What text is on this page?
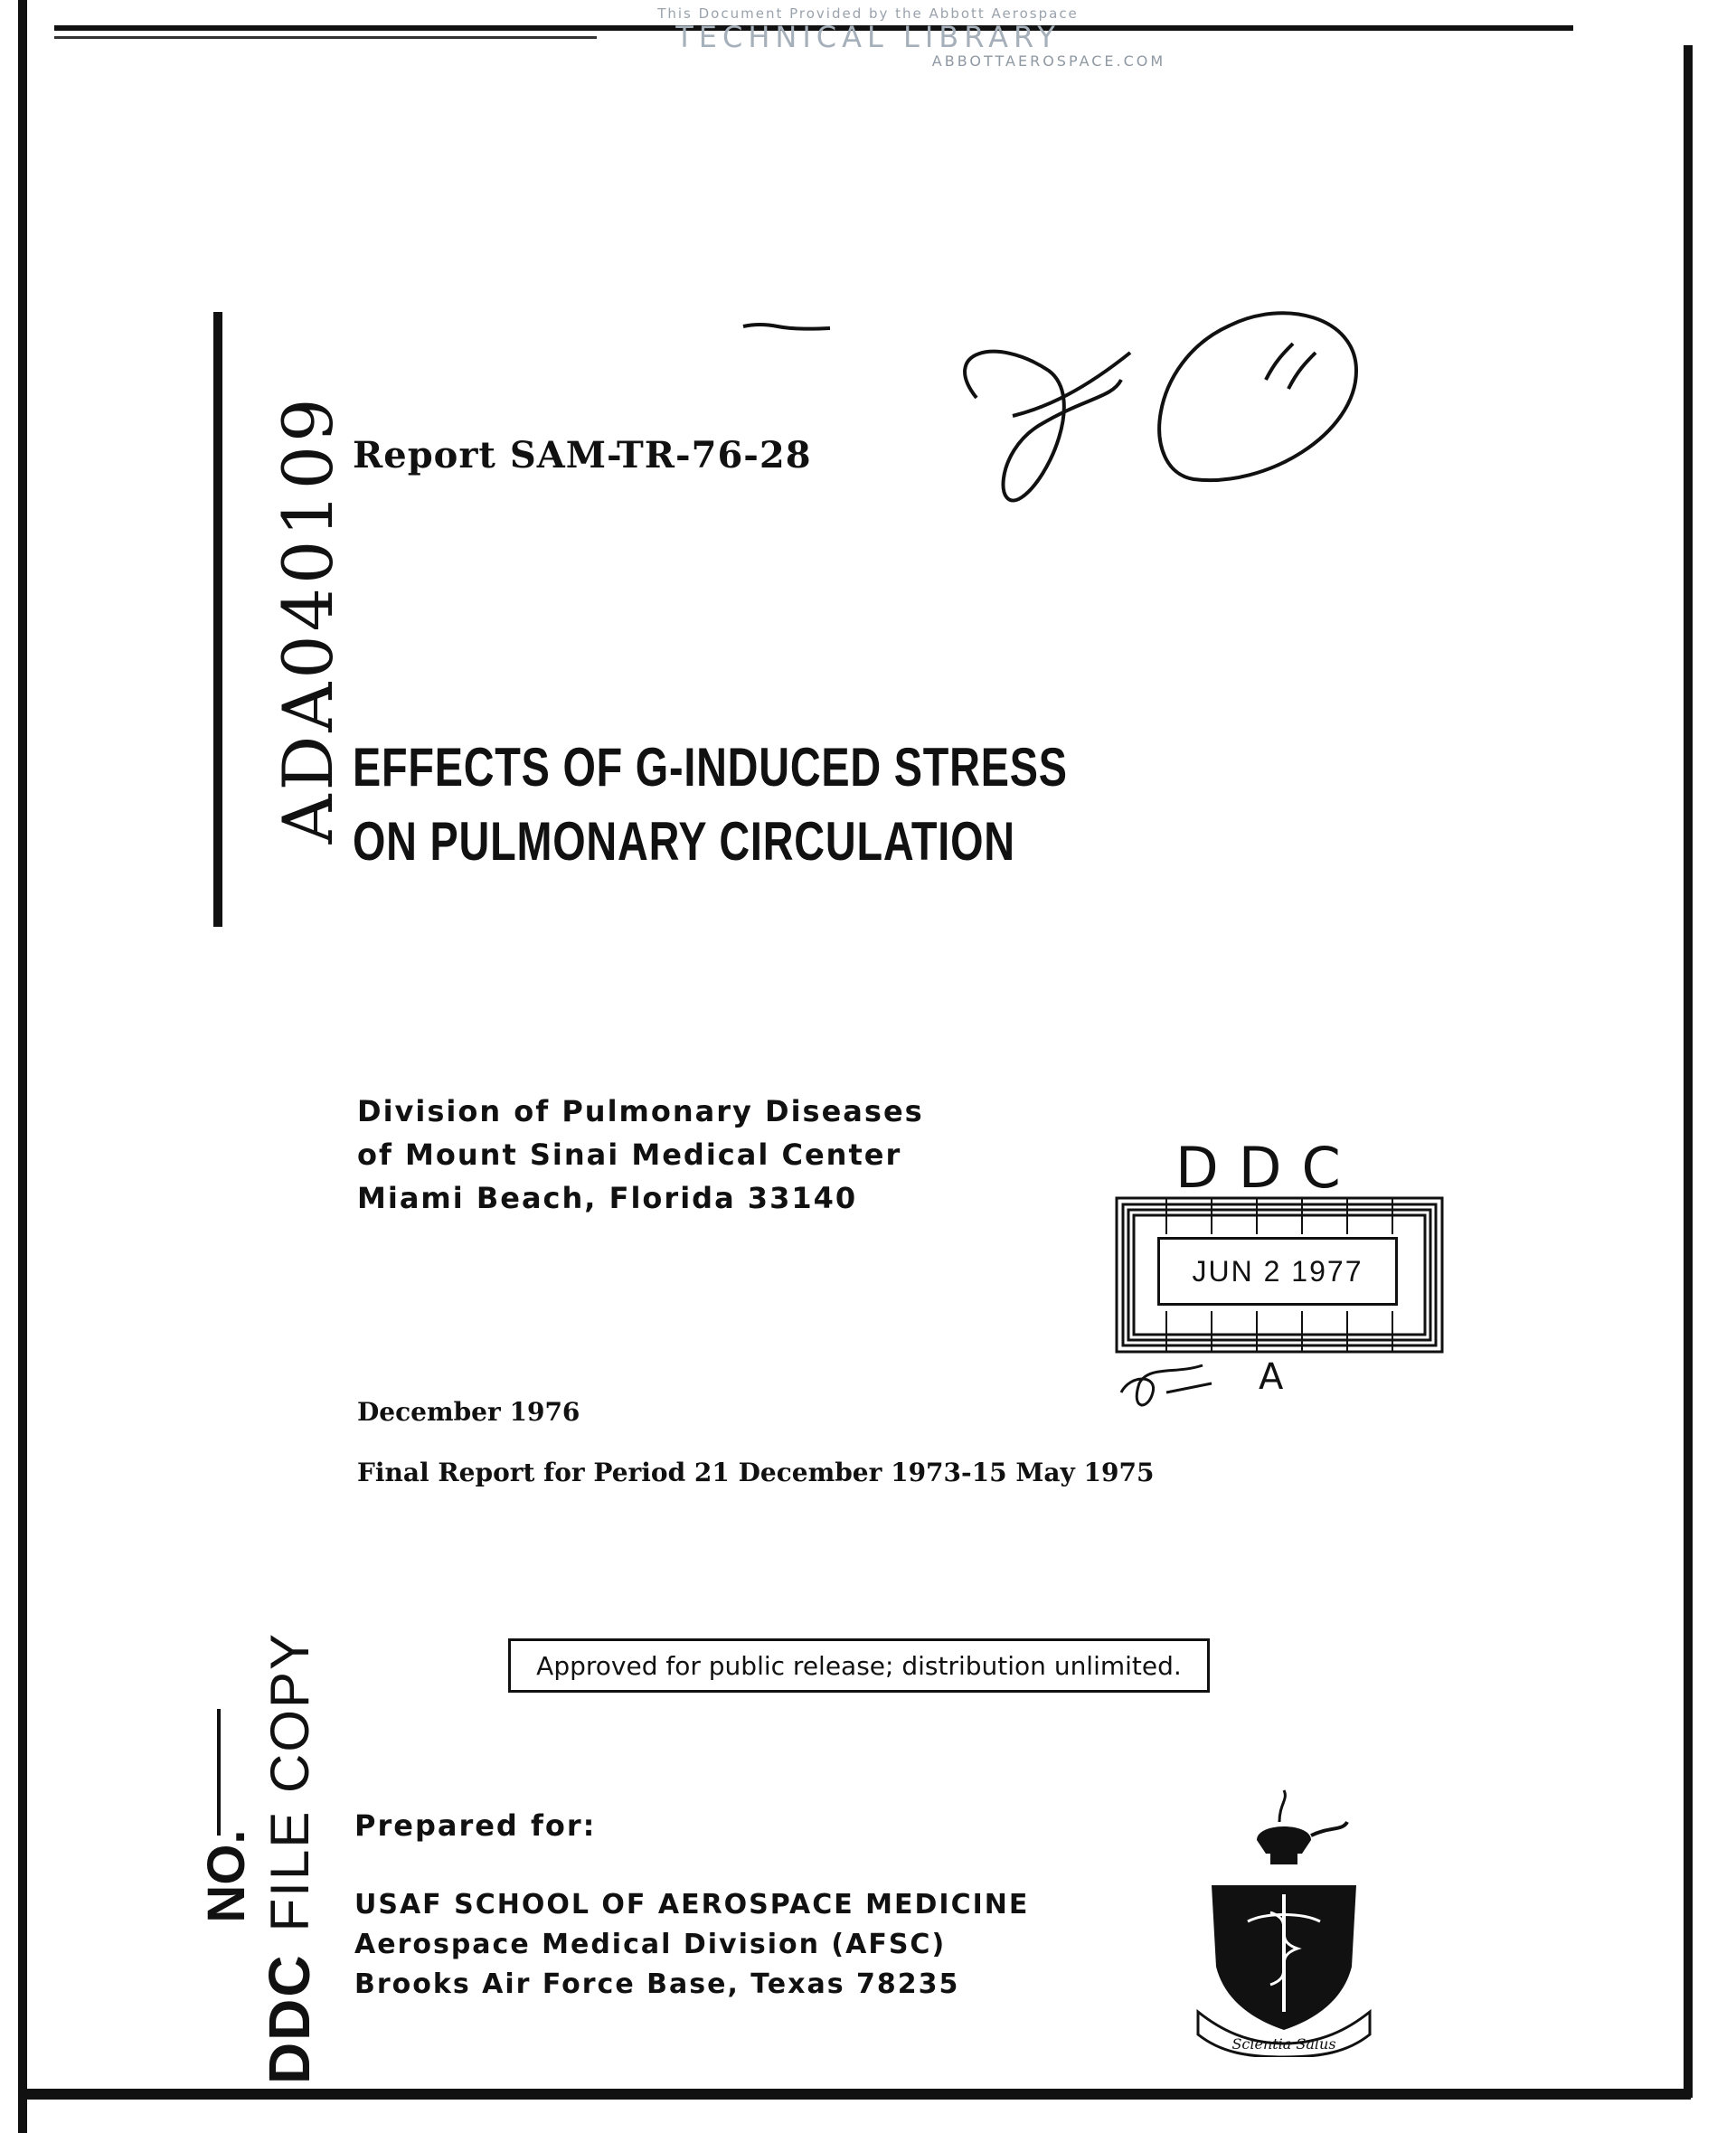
This Document Provided by the Abbott Aerospace
TECHNICAL LIBRARY
ABBOTTAEROSPACE.COM
ADA040109 Report SAM-TR-76-28
EFFECTS OF G-INDUCED STRESS
ON PULMONARY CIRCULATION
Division of Pulmonary Diseases
of Mount Sinai Medical Center
Miami Beach, Florida 33140	DDC
JUN 2 1977
A
December 1976
Final Report for Period 21 December 1973-15 May 1975
Approved for public release; distribution unlimited.
Prepared for:
USAF SCHOOL OF AEROSPACE MEDICINE
Aerospace Medical Division (AFSC)
Brooks Air Force Base, Texas 78235
DDC
FILE COPY
NO.
Scientia Salus
